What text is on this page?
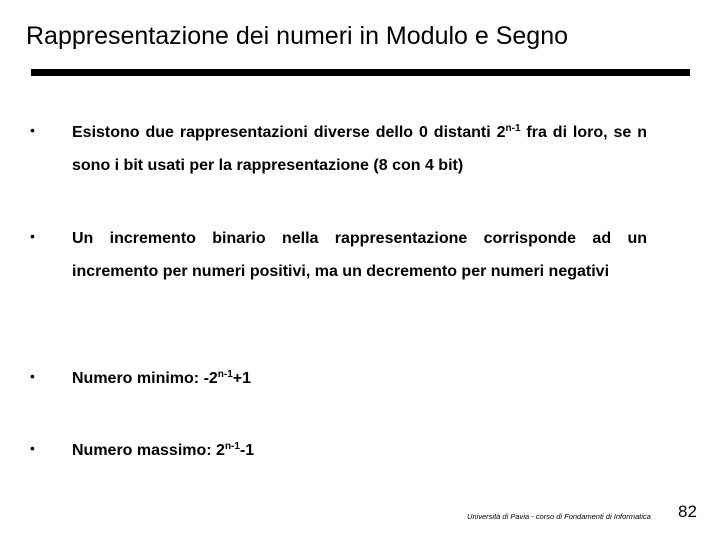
Rappresentazione dei numeri in Modulo e Segno
• Esistono due rappresentazioni diverse dello 0 distanti 2$^{n-1}$ fra di loro, se n sono i bit usati per la rappresentazione (8 con 4 bit)
• Un incremento binario nella rappresentazione corrisponde ad un incremento per numeri positivi, ma un decremento per numeri negativi
• Numero minimo: $-2^{n-1}+1$
• Numero massimo: 2$^{n-1}$-1
Università di Pavia - corso di Fondamenti di Informatica 82
